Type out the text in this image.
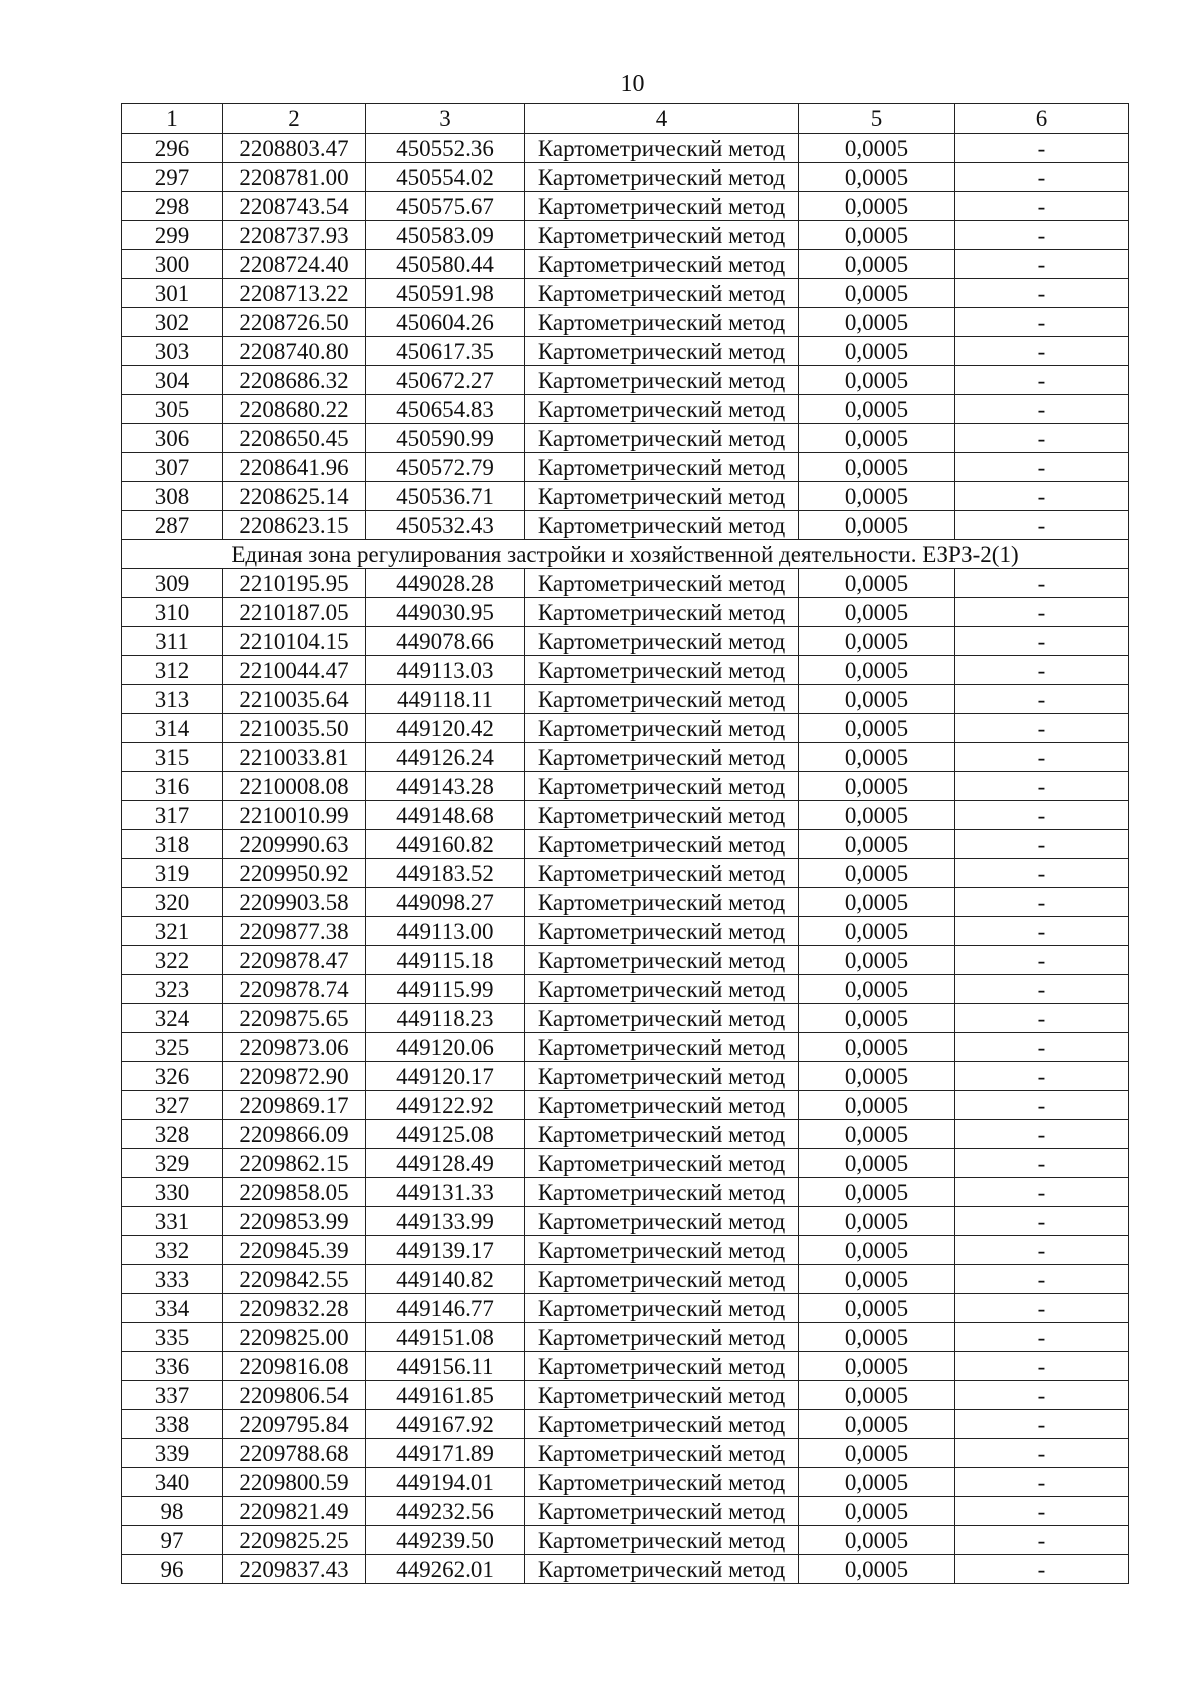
10
1	2	3	4	5	6
296	2208803.47	450552.36	Картометрический метод	0,0005	-
297	2208781.00	450554.02	Картометрический метод	0,0005	-
298	2208743.54	450575.67	Картометрический метод	0,0005	-
299	2208737.93	450583.09	Картометрический метод	0,0005	-
300	2208724.40	450580.44	Картометрический метод	0,0005	-
301	2208713.22	450591.98	Картометрический метод	0,0005	-
302	2208726.50	450604.26	Картометрический метод	0,0005	-
303	2208740.80	450617.35	Картометрический метод	0,0005	-
304	2208686.32	450672.27	Картометрический метод	0,0005	-
305	2208680.22	450654.83	Картометрический метод	0,0005	-
306	2208650.45	450590.99	Картометрический метод	0,0005	-
307	2208641.96	450572.79	Картометрический метод	0,0005	-
308	2208625.14	450536.71	Картометрический метод	0,0005	-
287	2208623.15	450532.43	Картометрический метод	0,0005	-
Единая зона регулирования застройки и хозяйственной деятельности. ЕЗРЗ-2(1)					
309	2210195.95	449028.28	Картометрический метод	0,0005	-
310	2210187.05	449030.95	Картометрический метод	0,0005	-
311	2210104.15	449078.66	Картометрический метод	0,0005	-
312	2210044.47	449113.03	Картометрический метод	0,0005	-
313	2210035.64	449118.11	Картометрический метод	0,0005	-
314	2210035.50	449120.42	Картометрический метод	0,0005	-
315	2210033.81	449126.24	Картометрический метод	0,0005	-
316	2210008.08	449143.28	Картометрический метод	0,0005	-
317	2210010.99	449148.68	Картометрический метод	0,0005	-
318	2209990.63	449160.82	Картометрический метод	0,0005	-
319	2209950.92	449183.52	Картометрический метод	0,0005	-
320	2209903.58	449098.27	Картометрический метод	0,0005	-
321	2209877.38	449113.00	Картометрический метод	0,0005	-
322	2209878.47	449115.18	Картометрический метод	0,0005	-
323	2209878.74	449115.99	Картометрический метод	0,0005	-
324	2209875.65	449118.23	Картометрический метод	0,0005	-
325	2209873.06	449120.06	Картометрический метод	0,0005	-
326	2209872.90	449120.17	Картометрический метод	0,0005	-
327	2209869.17	449122.92	Картометрический метод	0,0005	-
328	2209866.09	449125.08	Картометрический метод	0,0005	-
329	2209862.15	449128.49	Картометрический метод	0,0005	-
330	2209858.05	449131.33	Картометрический метод	0,0005	-
331	2209853.99	449133.99	Картометрический метод	0,0005	-
332	2209845.39	449139.17	Картометрический метод	0,0005	-
333	2209842.55	449140.82	Картометрический метод	0,0005	-
334	2209832.28	449146.77	Картометрический метод	0,0005	-
335	2209825.00	449151.08	Картометрический метод	0,0005	-
336	2209816.08	449156.11	Картометрический метод	0,0005	-
337	2209806.54	449161.85	Картометрический метод	0,0005	-
338	2209795.84	449167.92	Картометрический метод	0,0005	-
339	2209788.68	449171.89	Картометрический метод	0,0005	-
340	2209800.59	449194.01	Картометрический метод	0,0005	-
98	2209821.49	449232.56	Картометрический метод	0,0005	-
97	2209825.25	449239.50	Картометрический метод	0,0005	-
96	2209837.43	449262.01	Картометрический метод	0,0005	-
